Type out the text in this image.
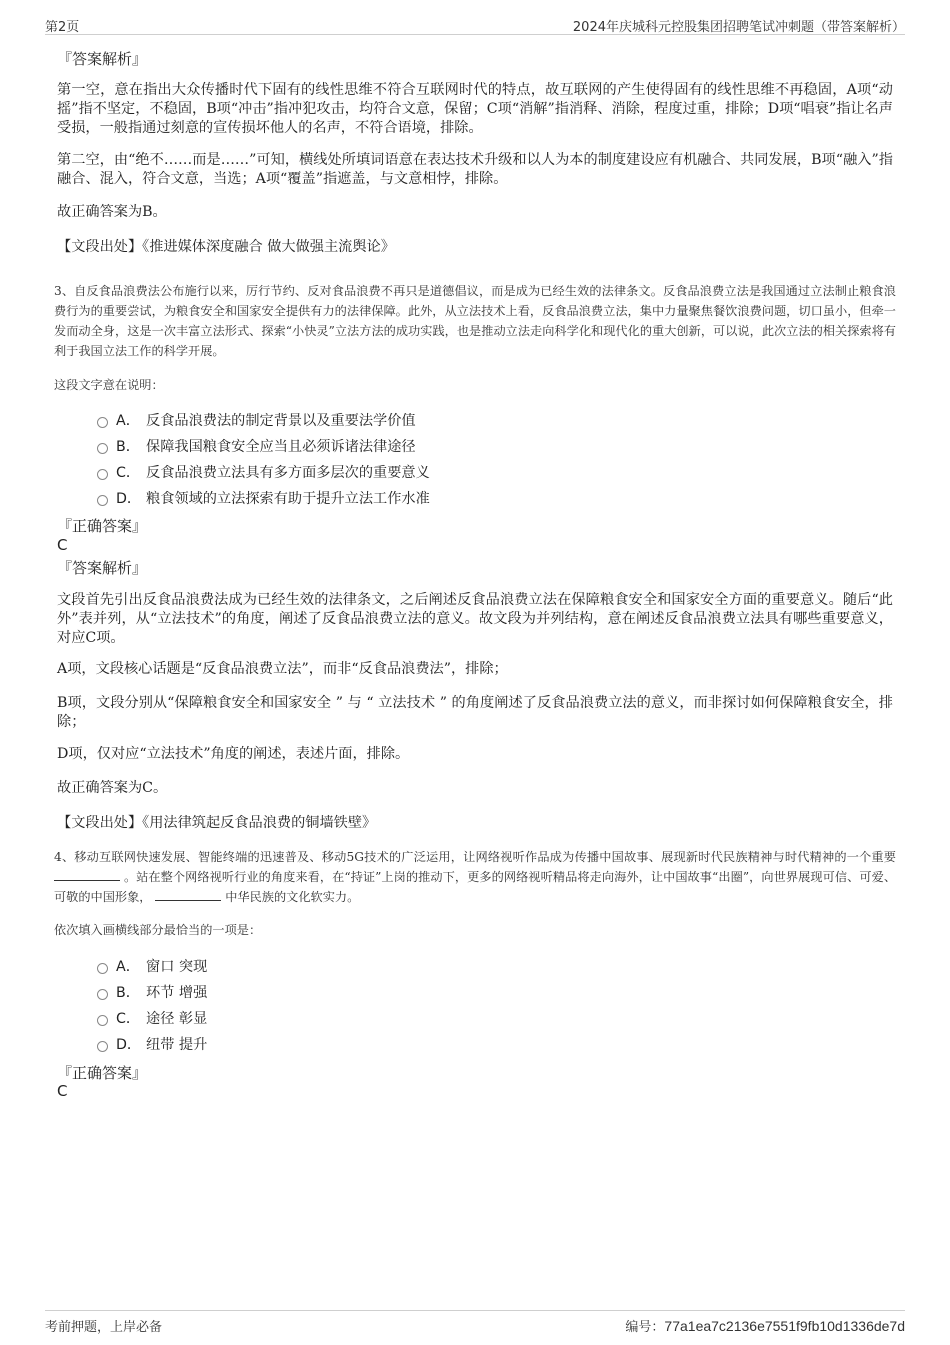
第2页	2024年庆城科元控股集团招聘笔试冲刺题（带答案解析）
『答案解析』
第一空，意在指出大众传播时代下固有的线性思维不符合互联网时代的特点，故互联网的产生使得固有的线性思维不再稳固，A项“动摇”指不坚定，不稳固，B项“冲击”指冲犯攻击，均符合文意，保留；C项“消解”指消释、消除，程度过重，排除；D项“唱衰”指让名声受损，一般指通过刻意的宣传损坏他人的名声，不符合语境，排除。
第二空，由“绝不……而是……”可知，横线处所填词语意在表达技术升级和以人为本的制度建设应有机融合、共同发展，B项“融入”指融合、混入，符合文意，当选；A项“覆盖”指遮盖，与文意相悖，排除。
故正确答案为B。
【文段出处】《推进媒体深度融合 做大做强主流舆论》
3、自反食品浪费法公布施行以来，厉行节约、反对食品浪费不再只是道德倡议，而是成为已经生效的法律条文。反食品浪费立法是我国通过立法制止粮食浪费行为的重要尝试，为粮食安全和国家安全提供有力的法律保障。此外，从立法技术上看，反食品浪费立法，集中力量聚焦餐饮浪费问题，切口虽小，但牵一发而动全身，这是一次丰富立法形式、探索“小快灵”立法方法的成功实践，也是推动立法走向科学化和现代化的重大创新，可以说，此次立法的相关探索将有利于我国立法工作的科学开展。
这段文字意在说明：
A． 反食品浪费法的制定背景以及重要法学价值
B． 保障我国粮食安全应当且必须诉诸法律途径
C． 反食品浪费立法具有多方面多层次的重要意义
D． 粮食领域的立法探索有助于提升立法工作水准
『正确答案』
C
『答案解析』
文段首先引出反食品浪费法成为已经生效的法律条文，之后阐述反食品浪费立法在保障粮食安全和国家安全方面的重要意义。随后“此外”表并列，从“立法技术”的角度，阐述了反食品浪费立法的意义。故文段为并列结构，意在阐述反食品浪费立法具有哪些重要意义，对应C项。
A项，文段核心话题是“反食品浪费立法”，而非“反食品浪费法”，排除；
B项，文段分别从“保障粮食安全和国家安全 ” 与 “ 立法技术 ” 的角度阐述了反食品浪费立法的意义，而非探讨如何保障粮食安全，排除；
D项，仅对应“立法技术”角度的阐述，表述片面，排除。
故正确答案为C。
【文段出处】《用法律筑起反食品浪费的铜墙铁壁》
4、移动互联网快速发展、智能终端的迅速普及、移动5G技术的广泛运用，让网络视听作品成为传播中国故事、展现新时代民族精神与时代精神的一个重要  。站在整个网络视听行业的角度来看，在“持证”上岗的推动下，更多的网络视听精品将走向海外，让中国故事“出圈”，向世界展现可信、可爱、可敬的中国形象，	中华民族的文化软实力。
依次填入画横线部分最恰当的一项是：
A． 窗口 突现
B． 环节 增强
C． 途径 彰显
D． 纽带 提升
『正确答案』
C
考前押题，上岸必备	编号：77a1ea7c2136e7551f9fb10d1336de7d
